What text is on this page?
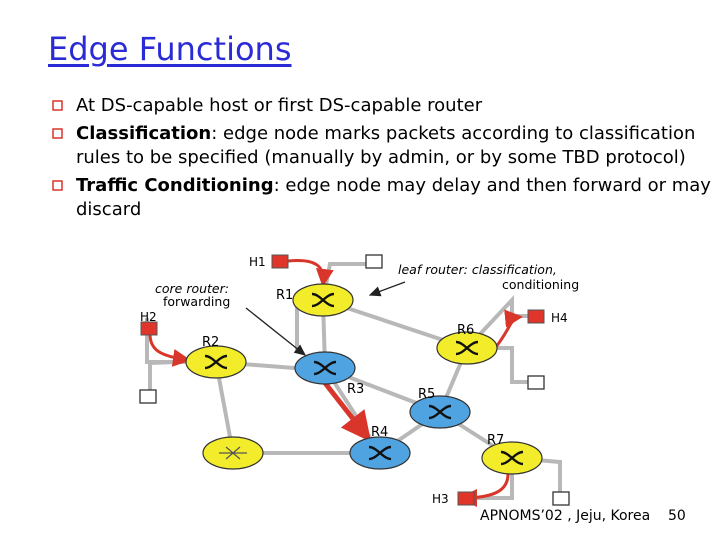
Edge Functions
At DS-capable host or first DS-capable router
Classification: edge node marks packets according to classification rules to be specified (manually by admin, or by some TBD protocol)
Traffic Conditioning: edge node may delay and then forward or may discard
H1
H2
H3
H4
R1
R2
R3
R4
R5
R6
R7
leaf router: classification,
conditioning
core router:
forwarding
APNOMS’02 , Jeju, Korea 50
